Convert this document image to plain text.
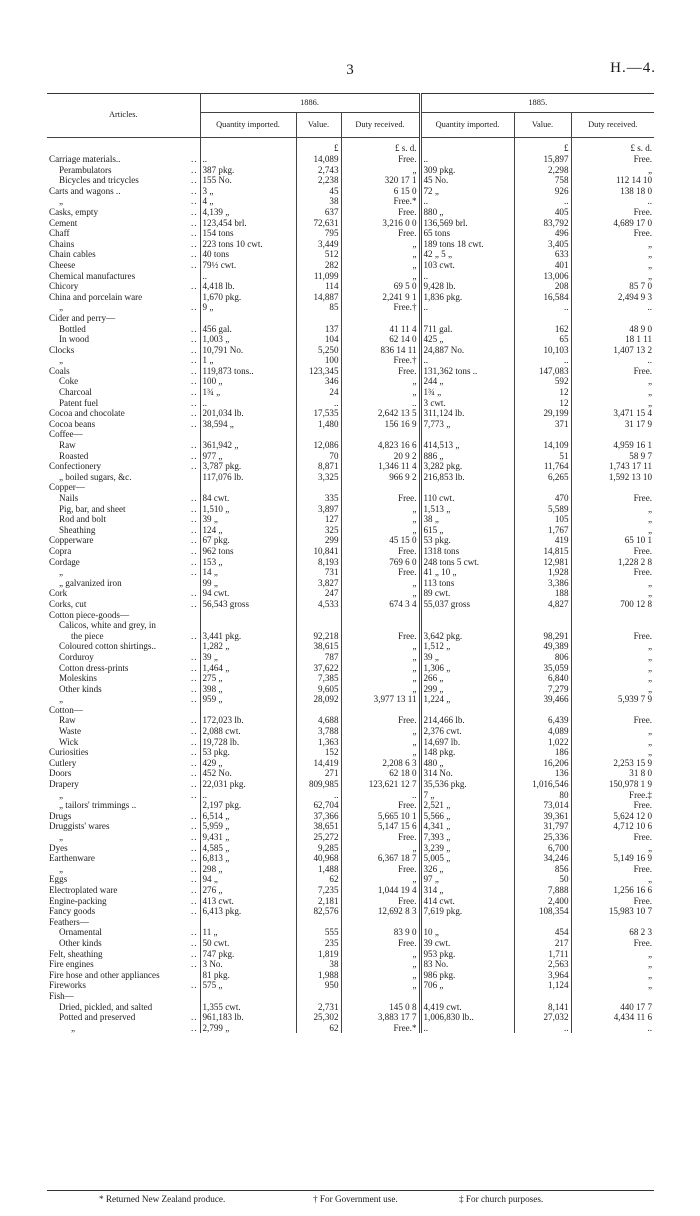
3	H.—4.
Articles.	1886.			1885.		
	Quantity imported.	Value.	Duty received.	Quantity imported.	Value.	Duty received.
		£	£ s. d.		£	£ s. d.
Carriage materials.. ..	..	14,089	Free.	..	15,897	Free.
Perambulators ..	387 pkg.	2,743	„	309 pkg.	2,298	„
Bicycles and tricycles ..	155 No.	2,238	320 17 1	45 No.	758	112 14 10
Carts and wagons .. ..	3 „	45	6 15 0	72 „	926	138 18 0
„ ..	4 „	38	Free.*	..	..	..
Casks, empty ..	4,139 „	637	Free.	880 „	405	Free.
Cement ..	123,454 brl.	72,631	3,216 0 0	136,569 brl.	83,792	4,689 17 0
Chaff ..	154 tons	795	Free.	65 tons	496	Free.
Chains ..	223 tons 10 cwt.	3,449	„	189 tons 18 cwt.	3,405	„
Chain cables ..	40 tons	512	„	42 „ 5 „	633	„
Cheese ..	79½ cwt.	282	„	103 cwt.	401	„
Chemical manufactures	..	11,099	„	..	13,006	„
Chicory ..	4,418 lb.	114	69 5 0	9,428 lb.	208	85 7 0
China and porcelain ware	1,670 pkg.	14,887	2,241 9 1	1,836 pkg.	16,584	2,494 9 3
„ ..	9 „	85	Free.†	..	..	..
Cider and perry—						
Bottled ..	456 gal.	137	41 11 4	711 gal.	162	48 9 0
In wood ..	1,003 „	104	62 14 0	425 „	65	18 1 11
Clocks ..	10,791 No.	5,250	836 14 11	24,887 No.	10,103	1,407 13 2
„ ..	1 „	100	Free.†	..	..	..
Coals ..	119,873 tons..	123,345	Free.	131,362 tons ..	147,083	Free.
Coke ..	100 „	346	„	244 „	592	„
Charcoal ..	1¾ „	24	„	1¾ „	12	„
Patent fuel ..	..	..	..	3 cwt.	12	„
Cocoa and chocolate ..	201,034 lb.	17,535	2,642 13 5	311,124 lb.	29,199	3,471 15 4
Cocoa beans ..	38,594 „	1,480	156 16 9	7,773 „	371	31 17 9
Coffee—						
Raw ..	361,942 „	12,086	4,823 16 6	414,513 „	14,109	4,959 16 1
Roasted ..	977 „	70	20 9 2	886 „	51	58 9 7
Confectionery ..	3,787 pkg.	8,871	1,346 11 4	3,282 pkg.	11,764	1,743 17 11
„ boiled sugars, &c.	117,076 lb.	3,325	966 9 2	216,853 lb.	6,265	1,592 13 10
Copper—						
Nails ..	84 cwt.	335	Free.	110 cwt.	470	Free.
Pig, bar, and sheet ..	1,510 „	3,897	„	1,513 „	5,589	„
Rod and bolt ..	39 „	127	„	38 „	105	„
Sheathing ..	124 „	325	„	615 „	1,767	„
Copperware ..	67 pkg.	299	45 15 0	53 pkg.	419	65 10 1
Copra ..	962 tons	10,841	Free.	1318 tons	14,815	Free.
Cordage ..	153 „	8,193	769 6 0	248 tons 5 cwt.	12,981	1,228 2 8
„ ..	14 „	731	Free.	41 „ 10 „	1,928	Free.
„ galvanized iron	99 „	3,827	„	113 tons	3,386	„
Cork ..	94 cwt.	247	„	89 cwt.	188	„
Corks, cut ..	56,543 gross	4,533	674 3 4	55,037 gross	4,827	700 12 8
Cotton piece-goods—						
Calicos, white and grey, in						
the piece ..	3,441 pkg.	92,218	Free.	3,642 pkg.	98,291	Free.
Coloured cotton shirtings..	1,282 „	38,615	„	1,512 „	49,389	„
Corduroy ..	39 „	787	„	39 „	806	„
Cotton dress-prints ..	1,464 „	37,622	„	1,306 „	35,059	„
Moleskins ..	275 „	7,385	„	266 „	6,840	„
Other kinds ..	398 „	9,605	„	299 „	7,279	„
„ ..	959 „	28,092	3,977 13 11	1,224 „	39,466	5,939 7 9
Cotton—						
Raw ..	172,023 lb.	4,688	Free.	214,466 lb.	6,439	Free.
Waste ..	2,088 cwt.	3,788	„	2,376 cwt.	4,089	„
Wick ..	19,728 lb.	1,363	„	14,697 lb.	1,022	„
Curiosities ..	53 pkg.	152	„	148 pkg.	186	„
Cutlery ..	429 „	14,419	2,208 6 3	480 „	16,206	2,253 15 9
Doors ..	452 No.	271	62 18 0	314 No.	136	31 8 0
Drapery ..	22,031 pkg.	809,985	123,621 12 7	35,536 pkg.	1,016,546	150,978 1 9
„ ..	..	..	..	7 „	80	Free.‡
„ tailors' trimmings ..	2,197 pkg.	62,704	Free.	2,521 „	73,014	Free.
Drugs ..	6,514 „	37,366	5,665 10 1	5,566 „	39,361	5,624 12 0
Druggists' wares ..	5,959 „	38,651	5,147 15 6	4,341 „	31,797	4,712 10 6
„ ..	9,431 „	25,272	Free.	7,393 „	25,336	Free.
Dyes ..	4,585 „	9,285	„	3,239 „	6,700	„
Earthenware ..	6,813 „	40,968	6,367 18 7	5,005 „	34,246	5,149 16 9
„ ..	298 „	1,488	Free.	326 „	856	Free.
Eggs ..	94 „	62	„	97 „	50	„
Electroplated ware ..	276 „	7,235	1,044 19 4	314 „	7,888	1,256 16 6
Engine-packing ..	413 cwt.	2,181	Free.	414 cwt.	2,400	Free.
Fancy goods ..	6,413 pkg.	82,576	12,692 8 3	7,619 pkg.	108,354	15,983 10 7
Feathers—						
Ornamental ..	11 „	555	83 9 0	10 „	454	68 2 3
Other kinds ..	50 cwt.	235	Free.	39 cwt.	217	Free.
Felt, sheathing ..	747 pkg.	1,819	„	953 pkg.	1,711	„
Fire engines ..	3 No.	38	„	83 No.	2,563	„
Fire hose and other appliances	81 pkg.	1,988	„	986 pkg.	3,964	„
Fireworks ..	575 „	950	„	706 „	1,124	„
Fish—						
Dried, pickled, and salted	1,355 cwt.	2,731	145 0 8	4,419 cwt.	8,141	440 17 7
Potted and preserved ..	961,183 lb.	25,302	3,883 17 7	1,006,830 lb..	27,032	4,434 11 6
„ ..	2,799 „	62	Free.*	..	..	..
* Returned New Zealand produce.	† For Government use.	‡ For church purposes.
